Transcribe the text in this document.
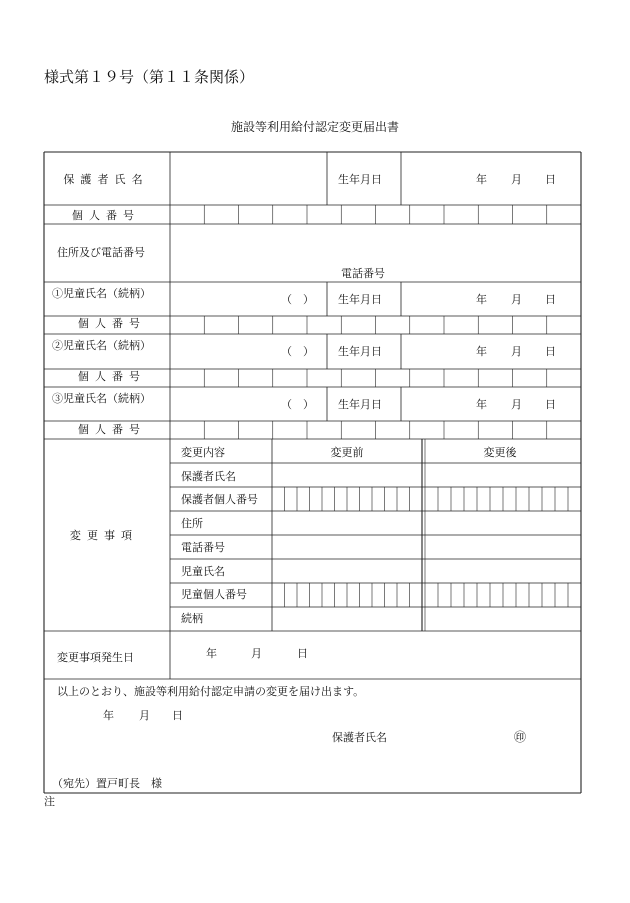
様式第１９号（第１１条関係）
施設等利用給付認定変更届出書
保護者氏名	生年月日	年 月 日
個人番号
住所及び電話番号
電話番号
①児童氏名（続柄）	（　） 生年月日	年 月 日
個人番号
②児童氏名（続柄）	（　） 生年月日	年 月 日
個人番号
③児童氏名（続柄）	（　） 生年月日	年 月 日
個人番号
変更事項
変更内容	変更前	変更後
保護者氏名
保護者個人番号
住所
電話番号
児童氏名
児童個人番号
続柄
変更事項発生日	年	月	日
以上のとおり、施設等利用給付認定申請の変更を届け出ます。
年 月 日
保護者氏名	㊞
（宛先）置戸町長　様
注
